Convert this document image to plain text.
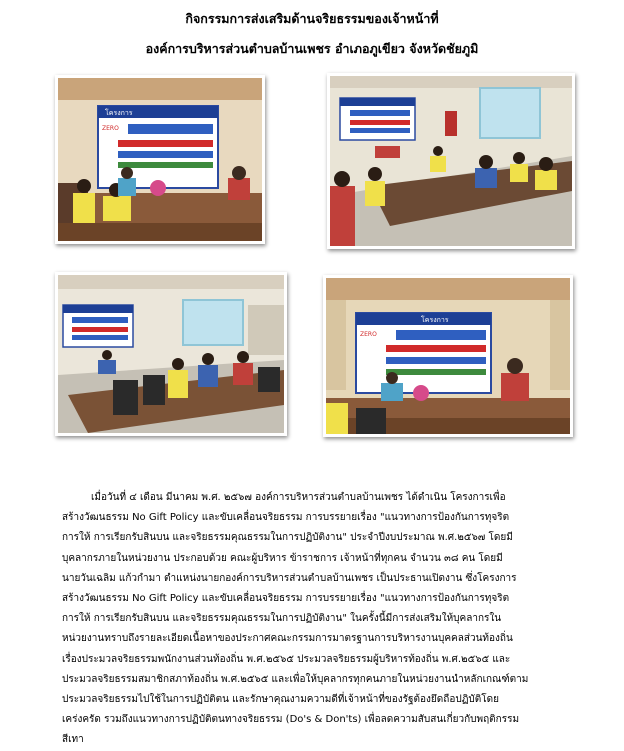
กิจกรรมการส่งเสริมด้านจริยธรรมของเจ้าหน้าที่
องค์การบริหารส่วนตำบลบ้านเพชร อำเภอภูเขียว จังหวัดชัยภูมิ
โครงการ
ZERO
โครงการ
ZERO
เมื่อวันที่ ๔ เดือน มีนาคม พ.ศ. ๒๕๖๗ องค์การบริหารส่วนตำบลบ้านเพชร ได้ดำเนิน โครงการเพื่อ
สร้างวัฒนธรรม No Gift Policy และขับเคลื่อนจริยธรรม การบรรยายเรื่อง "แนวทางการป้องกันการทุจริต
การให้ การเรียกรับสินบน และจริยธรรมคุณธรรมในการปฏิบัติงาน" ประจำปีงบประมาณ พ.ศ.๒๕๖๗ โดยมี
บุคลากรภายในหน่วยงาน ประกอบด้วย คณะผู้บริหาร ข้าราชการ เจ้าหน้าที่ทุกคน จำนวน ๓๘ คน โดยมี
นายวันเฉลิม แก้วกำมา ตำแหน่งนายกองค์การบริหารส่วนตำบลบ้านเพชร เป็นประธานเปิดงาน ซึ่งโครงการ
สร้างวัฒนธรรม No Gift Policy และขับเคลื่อนจริยธรรม การบรรยายเรื่อง "แนวทางการป้องกันการทุจริต
การให้ การเรียกรับสินบน และจริยธรรมคุณธรรมในการปฏิบัติงาน" ในครั้งนี้มีการส่งเสริมให้บุคลากรใน
หน่วยงานทราบถึงรายละเอียดเนื้อหาของประกาศคณะกรรมการมาตรฐานการบริหารงานบุคคลส่วนท้องถิ่น
เรื่องประมวลจริยธรรมพนักงานส่วนท้องถิ่น พ.ศ.๒๕๖๕ ประมวลจริยธรรมผู้บริหารท้องถิ่น พ.ศ.๒๕๖๕ และ
ประมวลจริยธรรมสมาชิกสภาท้องถิ่น พ.ศ.๒๕๖๕ และเพื่อให้บุคลากรทุกคนภายในหน่วยงานนำหลักเกณฑ์ตาม
ประมวลจริยธรรมไปใช้ในการปฏิบัติตน และรักษาคุณงามความดีที่เจ้าหน้าที่ของรัฐต้องยึดถือปฏิบัติโดย
เคร่งครัด รวมถึงแนวทางการปฏิบัติตนทางจริยธรรม (Do's & Don'ts) เพื่อลดความสับสนเกี่ยวกับพฤติกรรม
สีเทา
